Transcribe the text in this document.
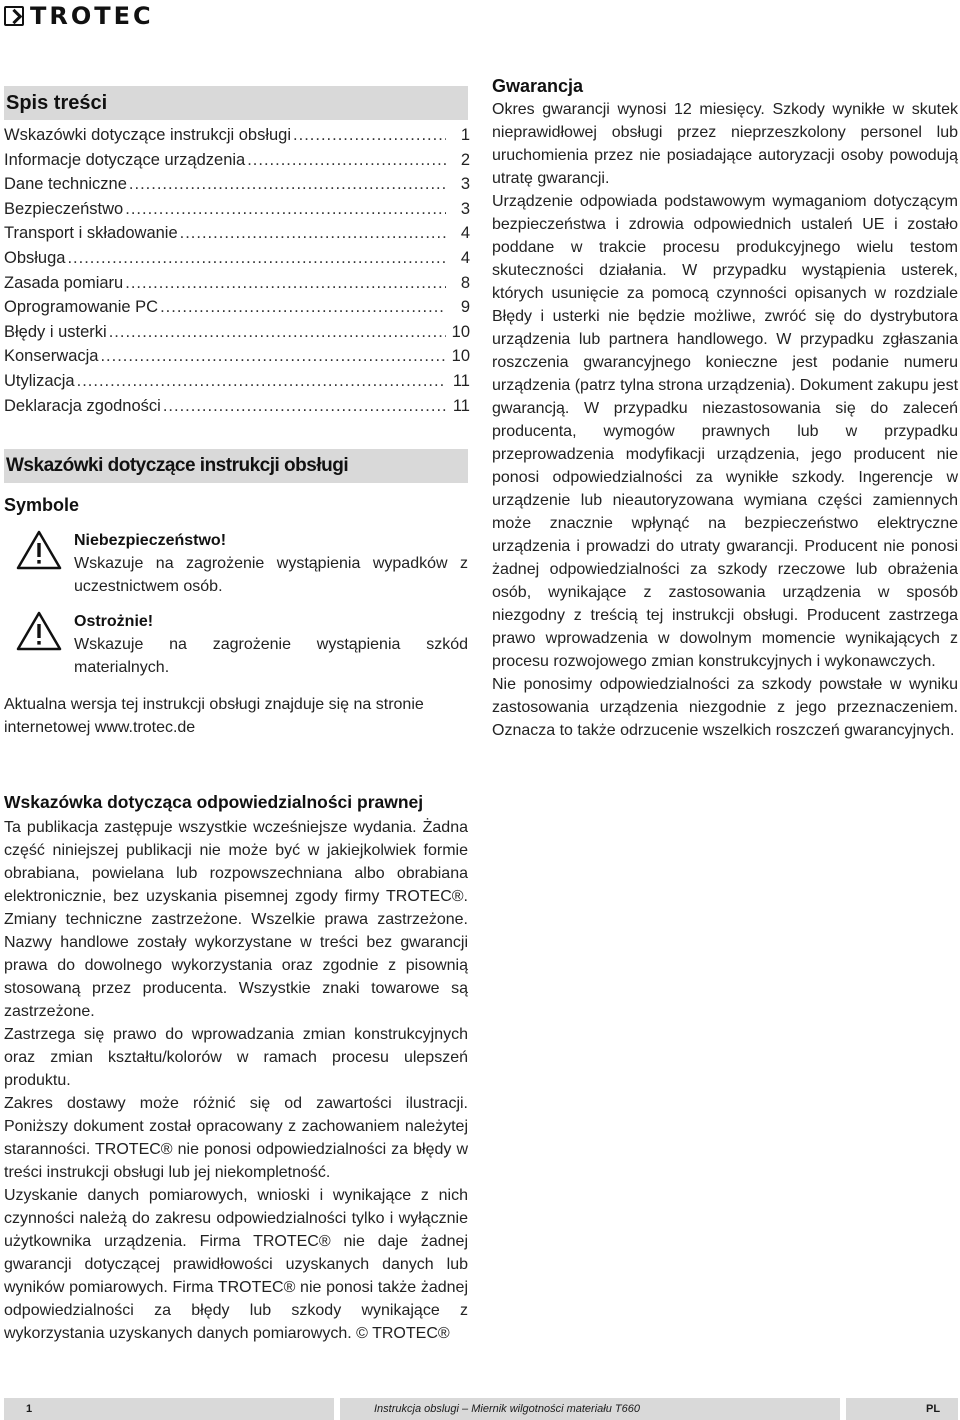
TROTEC
Spis treści
Wskazówki dotyczące instrukcji obsługi .....	1
Informacje dotyczące urządzenia .....	2
Dane techniczne .....	3
Bezpieczeństwo .....	3
Transport i składowanie .....	4
Obsługa .....	4
Zasada pomiaru .....	8
Oprogramowanie PC .....	9
Błędy i usterki .....	10
Konserwacja .....	10
Utylizacja .....	11
Deklaracja zgodności .....	11
Wskazówki dotyczące instrukcji obsługi
Symbole
Niebezpieczeństwo!
Wskazuje na zagrożenie wystąpienia wypadków z uczestnictwem osób.
Ostrożnie!
Wskazuje na zagrożenie wystąpienia szkód materialnych.
Aktualna wersja tej instrukcji obsługi znajduje się na stronie internetowej www.trotec.de
Gwarancja

Okres gwarancji wynosi 12 miesięcy. Szkody wynikłe w skutek nieprawidłowej obsługi przez nieprzeszkolony personel lub uruchomienia przez nie posiadające autoryzacji osoby powodują utratę gwarancji.

Urządzenie odpowiada podstawowym wymaganiom dotyczącym bezpieczeństwa i zdrowia odpowiednich ustaleń UE i zostało poddane w trakcie procesu produkcyjnego wielu testom skuteczności działania. W przypadku wystąpienia usterek, których usunięcie za pomocą czynności opisanych w rozdziale Błędy i usterki nie będzie możliwe, zwróć się do dystrybutora urządzenia lub partnera handlowego. W przypadku zgłaszania roszczenia gwarancyjnego konieczne jest podanie numeru urządzenia (patrz tylna strona urządzenia). Dokument zakupu jest gwarancją. W przypadku niezastosowania się do zaleceń producenta, wymogów prawnych lub w przypadku przeprowadzenia modyfikacji urządzenia, jego producent nie ponosi odpowiedzialności za wynikłe szkody. Ingerencje w urządzenie lub nieautoryzowana wymiana części zamiennych może znacznie wpłynąć na bezpieczeństwo elektryczne urządzenia i prowadzi do utraty gwarancji. Producent nie ponosi żadnej odpowiedzialności za szkody rzeczowe lub obrażenia osób, wynikające z zastosowania urządzenia w sposób niezgodny z treścią tej instrukcji obsługi. Producent zastrzega prawo wprowadzenia w dowolnym momencie wynikających z procesu rozwojowego zmian konstrukcyjnych i wykonawczych.

Nie ponosimy odpowiedzialności za szkody powstałe w wyniku zastosowania urządzenia niezgodnie z jego przeznaczeniem. Oznacza to także odrzucenie wszelkich roszczeń gwarancyjnych.

Wskazówka dotycząca odpowiedzialności prawnej

Ta publikacja zastępuje wszystkie wcześniejsze wydania. Żadna część niniejszej publikacji nie może być w jakiejkolwiek formie obrabiana, powielana lub rozpowszechniana albo obrabiana elektronicznie, bez uzyskania pisemnej zgody firmy TROTEC®. Zmiany techniczne zastrzeżone. Wszelkie prawa zastrzeżone. Nazwy handlowe zostały wykorzystane w treści bez gwarancji prawa do dowolnego wykorzystania oraz zgodnie z pisownią stosowaną przez producenta. Wszystkie znaki towarowe są zastrzeżone.

Zastrzega się prawo do wprowadzania zmian konstrukcyjnych oraz zmian kształtu/kolorów w ramach procesu ulepszeń produktu.

Zakres dostawy może różnić się od zawartości ilustracji. Poniższy dokument został opracowany z zachowaniem należytej staranności. TROTEC® nie ponosi odpowiedzialności za błędy w treści instrukcji obsługi lub jej niekompletność.

Uzyskanie danych pomiarowych, wnioski i wynikające z nich czynności należą do zakresu odpowiedzialności tylko i wyłącznie użytkownika urządzenia. Firma TROTEC® nie daje żadnej gwarancji dotyczącej prawidłowości uzyskanych danych lub wyników pomiarowych. Firma TROTEC® nie ponosi także żadnej odpowiedzialności za błędy lub szkody wynikające z wykorzystania uzyskanych danych pomiarowych. © TROTEC®

1	Instrukcja obslugi – Miernik wilgotności materiału T660	PL
